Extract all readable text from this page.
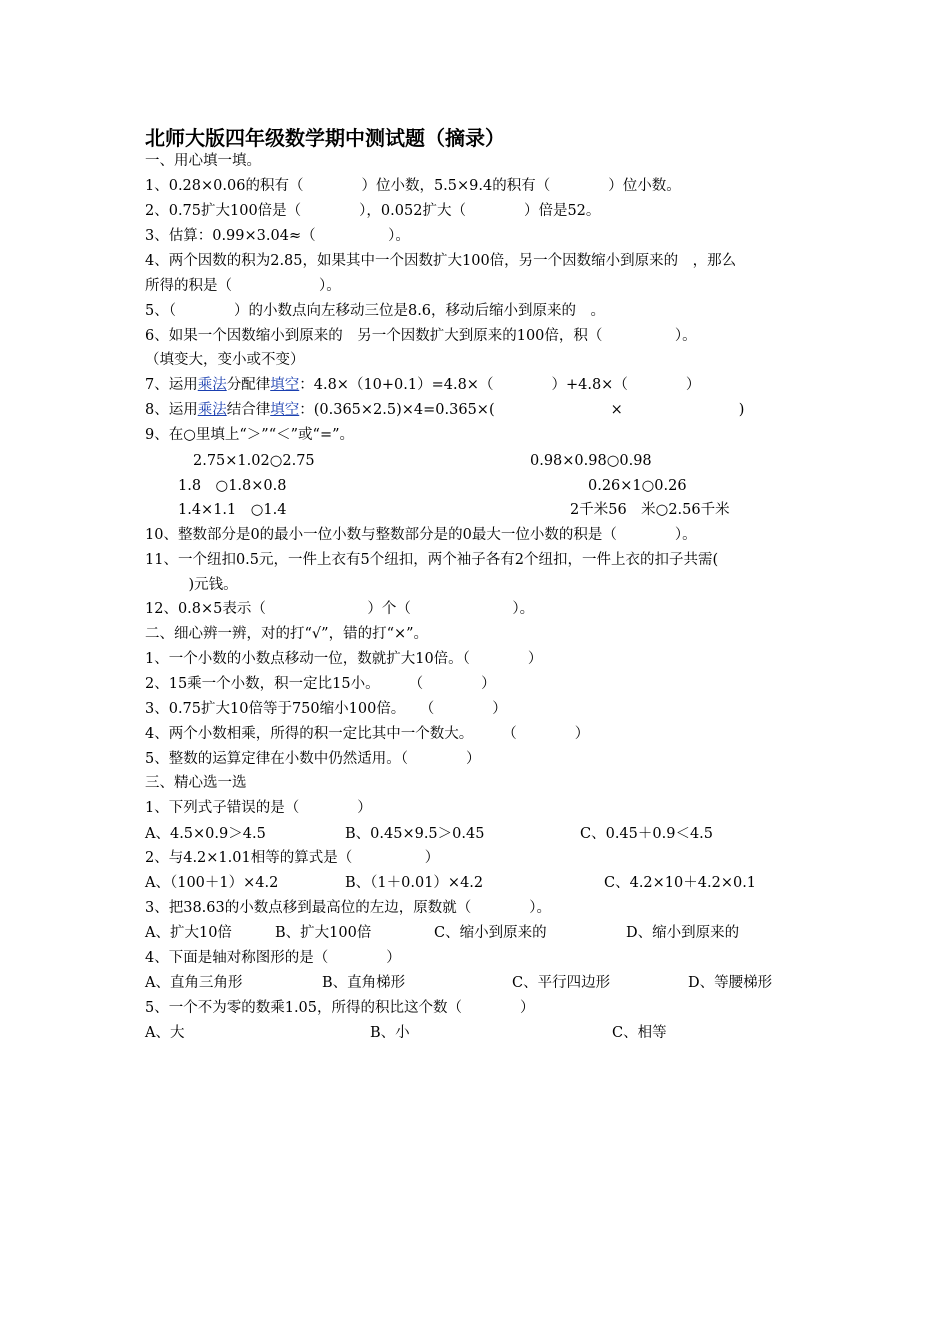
北师大版四年级数学期中测试题（摘录）
一、用心填一填。
1、0.28×0.06的积有（　　　　）位小数，5.5×9.4的积有（　　　　）位小数。
2、0.75扩大100倍是（　　　　），0.052扩大（　　　　）倍是52。
3、估算：0.99×3.04≈（　　　　　）。
4、两个因数的积为2.85，如果其中一个因数扩大100倍，另一个因数缩小到原来的　，那么
所得的积是（　　　　　　）。
5、（　　　　）的小数点向左移动三位是8.6，移动后缩小到原来的　。
6、如果一个因数缩小到原来的　另一个因数扩大到原来的100倍，积（　　　　　）。
（填变大，变小或不变）
7、运用乘法分配律填空：4.8×（10+0.1）=4.8×（　　　　）+4.8×（　　　　）
8、运用乘法结合律填空：(0.365×2.5)×4=0.365×(　　　　　　　　×　　　　　　　　)
9、在○里填上“＞”“＜”或“=”。
2.75×1.02○2.75	0.98×0.98○0.98
1.8　○1.8×0.8	0.26×1○0.26
1.4×1.1　○1.4	2千米56　米○2.56千米
10、整数部分是0的最小一位小数与整数部分是的0最大一位小数的积是（　　　　）。
11、一个纽扣0.5元，一件上衣有5个纽扣，两个袖子各有2个纽扣，一件上衣的扣子共需(
　　　)元钱。
12、0.8×5表示（　　　　　　　）个（　　　　　　　）。
二、细心辨一辨，对的打“√”，错的打“×”。
1、一个小数的小数点移动一位，数就扩大10倍。（　　　　）
2、15乘一个小数，积一定比15小。　　　（　　　　）
3、0.75扩大10倍等于750缩小100倍。　　（　　　　）
4、两个小数相乘，所得的积一定比其中一个数大。　　　（　　　　）
5、整数的运算定律在小数中仍然适用。（　　　　）
三、精心选一选
1、下列式子错误的是（　　　　）
A、4.5×0.9＞4.5	B、0.45×9.5＞0.45	C、0.45＋0.9＜4.5
2、与4.2×1.01相等的算式是（　　　　　）
A、（100＋1）×4.2	B、（1＋0.01）×4.2	C、4.2×10＋4.2×0.1
3、把38.63的小数点移到最高位的左边，原数就（　　　　）。
A、扩大10倍	B、扩大100倍	C、缩小到原来的	D、缩小到原来的
4、下面是轴对称图形的是（　　　　）
A、直角三角形	B、直角梯形	C、平行四边形	D、等腰梯形
5、一个不为零的数乘1.05，所得的积比这个数（　　　　）
A、大	B、小	C、相等
